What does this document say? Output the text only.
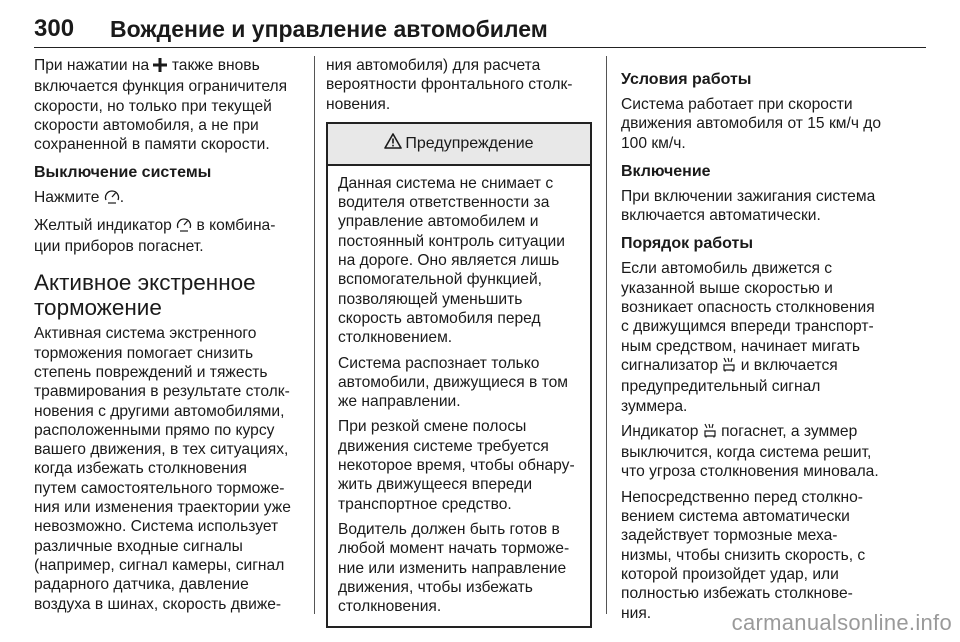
300	Вождение и управление автомобилем

При нажатии на  также вновь
включается функция ограничителя
скорости, но только при текущей
скорости автомобиля, а не при
сохраненной в памяти скорости.

Выключение системы

Нажмите .

Желтый индикатор  в комбина-
ции приборов погаснет.

Активное экстренное
торможение

Активная система экстренного
торможения помогает снизить
степень повреждений и тяжесть
травмирования в результате столк-
новения с другими автомобилями,
расположенными прямо по курсу
вашего движения, в тех ситуациях,
когда избежать столкновения
путем самостоятельного торможе-
ния или изменения траектории уже
невозможно. Система использует
различные входные сигналы
(например, сигнал камеры, сигнал
радарного датчика, давление
воздуха в шинах, скорость движе-

ния автомобиля) для расчета
вероятности фронтального столк-
новения.

Предупреждение

Данная система не снимает с
водителя ответственности за
управление автомобилем и
постоянный контроль ситуации
на дороге. Оно является лишь
вспомогательной функцией,
позволяющей уменьшить
скорость автомобиля перед
столкновением.

Система распознает только
автомобили, движущиеся в том
же направлении.

При резкой смене полосы
движения системе требуется
некоторое время, чтобы обнару-
жить движущееся впереди
транспортное средство.

Водитель должен быть готов в
любой момент начать торможе-
ние или изменить направление
движения, чтобы избежать
столкновения.

Условия работы

Система работает при скорости
движения автомобиля от 15 км/ч до
100 км/ч.

Включение

При включении зажигания система
включается автоматически.

Порядок работы

Если автомобиль движется с
указанной выше скоростью и
возникает опасность столкновения
с движущимся впереди транспорт-
ным средством, начинает мигать
сигнализатор  и включается
предупредительный сигнал
зуммера.

Индикатор  погаснет, а зуммер
выключится, когда система решит,
что угроза столкновения миновала.

Непосредственно перед столкно-
вением система автоматически
задействует тормозные меха-
низмы, чтобы снизить скорость, с
которой произойдет удар, или
полностью избежать столкнове-
ния.	carmanualsonline.info
